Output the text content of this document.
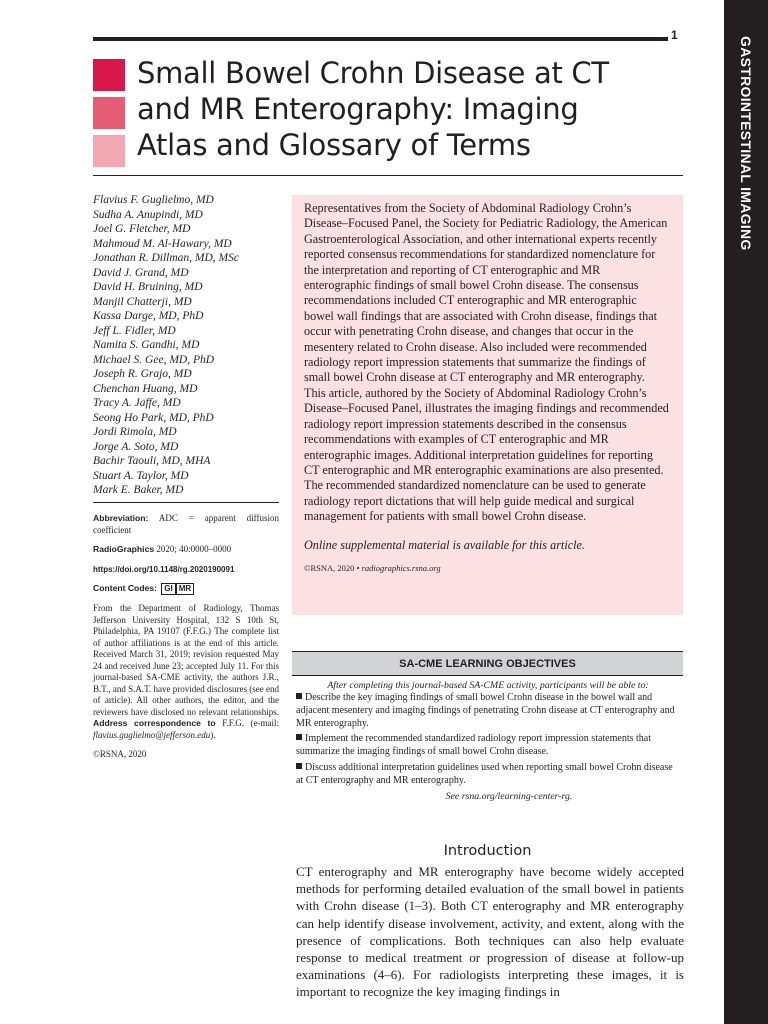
GASTROINTESTINAL IMAGING
1
Small Bowel Crohn Disease at CT
and MR Enterography: Imaging
Atlas and Glossary of Terms
Flavius F. Guglielmo, MD
Sudha A. Anupindi, MD
Joel G. Fletcher, MD
Mahmoud M. Al-Hawary, MD
Jonathan R. Dillman, MD, MSc
David J. Grand, MD
David H. Bruining, MD
Manjil Chatterji, MD
Kassa Darge, MD, PhD
Jeff L. Fidler, MD
Namita S. Gandhi, MD
Michael S. Gee, MD, PhD
Joseph R. Grajo, MD
Chenchan Huang, MD
Tracy A. Jaffe, MD
Seong Ho Park, MD, PhD
Jordi Rimola, MD
Jorge A. Soto, MD
Bachir Taouli, MD, MHA
Stuart A. Taylor, MD
Mark E. Baker, MD

Abbreviation: ADC = apparent diffusion coefficient

RadioGraphics 2020; 40:0000–0000

https://doi.org/10.1148/rg.2020190091

Content Codes: GI MR

From the Department of Radiology, Thomas Jefferson University Hospital, 132 S 10th St, Philadelphia, PA 19107 (F.F.G.) The complete list of author affiliations is at the end of this article. Received March 31, 2019; revision requested May 24 and received June 23; accepted July 11. For this journal-based SA-CME activity, the authors J.R., B.T., and S.A.T. have provided disclosures (see end of article). All other authors, the editor, and the reviewers have disclosed no relevant relationships. Address correspondence to F.F.G. (e-mail: flavius.guglielmo@jefferson.edu).

©RSNA, 2020

Representatives from the Society of Abdominal Radiology Crohn’s Disease–Focused Panel, the Society for Pediatric Radiology, the American Gastroenterological Association, and other international experts recently reported consensus recommendations for standardized nomenclature for the interpretation and reporting of CT enterographic and MR enterographic findings of small bowel Crohn disease. The consensus recommendations included CT enterographic and MR enterographic bowel wall findings that are associated with Crohn disease, findings that occur with penetrating Crohn disease, and changes that occur in the mesentery related to Crohn disease. Also included were recommended radiology report impression statements that summarize the findings of small bowel Crohn disease at CT enterography and MR enterography. This article, authored by the Society of Abdominal Radiology Crohn’s Disease–Focused Panel, illustrates the imaging findings and recommended radiology report impression statements described in the consensus recommendations with examples of CT enterographic and MR enterographic images. Additional interpretation guidelines for reporting CT enterographic and MR enterographic examinations are also presented. The recommended standardized nomenclature can be used to generate radiology report dictations that will help guide medical and surgical management for patients with small bowel Crohn disease.

Online supplemental material is available for this article.

©RSNA, 2020 • radiographics.rsna.org

SA-CME LEARNING OBJECTIVES
After completing this journal-based SA-CME activity, participants will be able to:
Describe the key imaging findings of small bowel Crohn disease in the bowel wall and adjacent mesentery and imaging findings of penetrating Crohn disease at CT enterography and MR enterography.
Implement the recommended standardized radiology report impression statements that summarize the imaging findings of small bowel Crohn disease.
Discuss additional interpretation guidelines used when reporting small bowel Crohn disease at CT enterography and MR enterography.
See rsna.org/learning-center-rg.
Introduction

CT enterography and MR enterography have become widely accepted methods for performing detailed evaluation of the small bowel in patients with Crohn disease (1–3). Both CT enterography and MR enterography can help identify disease involvement, activity, and extent, along with the presence of complications. Both techniques can also help evaluate response to medical treatment or progression of disease at follow-up examinations (4–6). For radiologists interpreting these images, it is important to recognize the key imaging findings in
